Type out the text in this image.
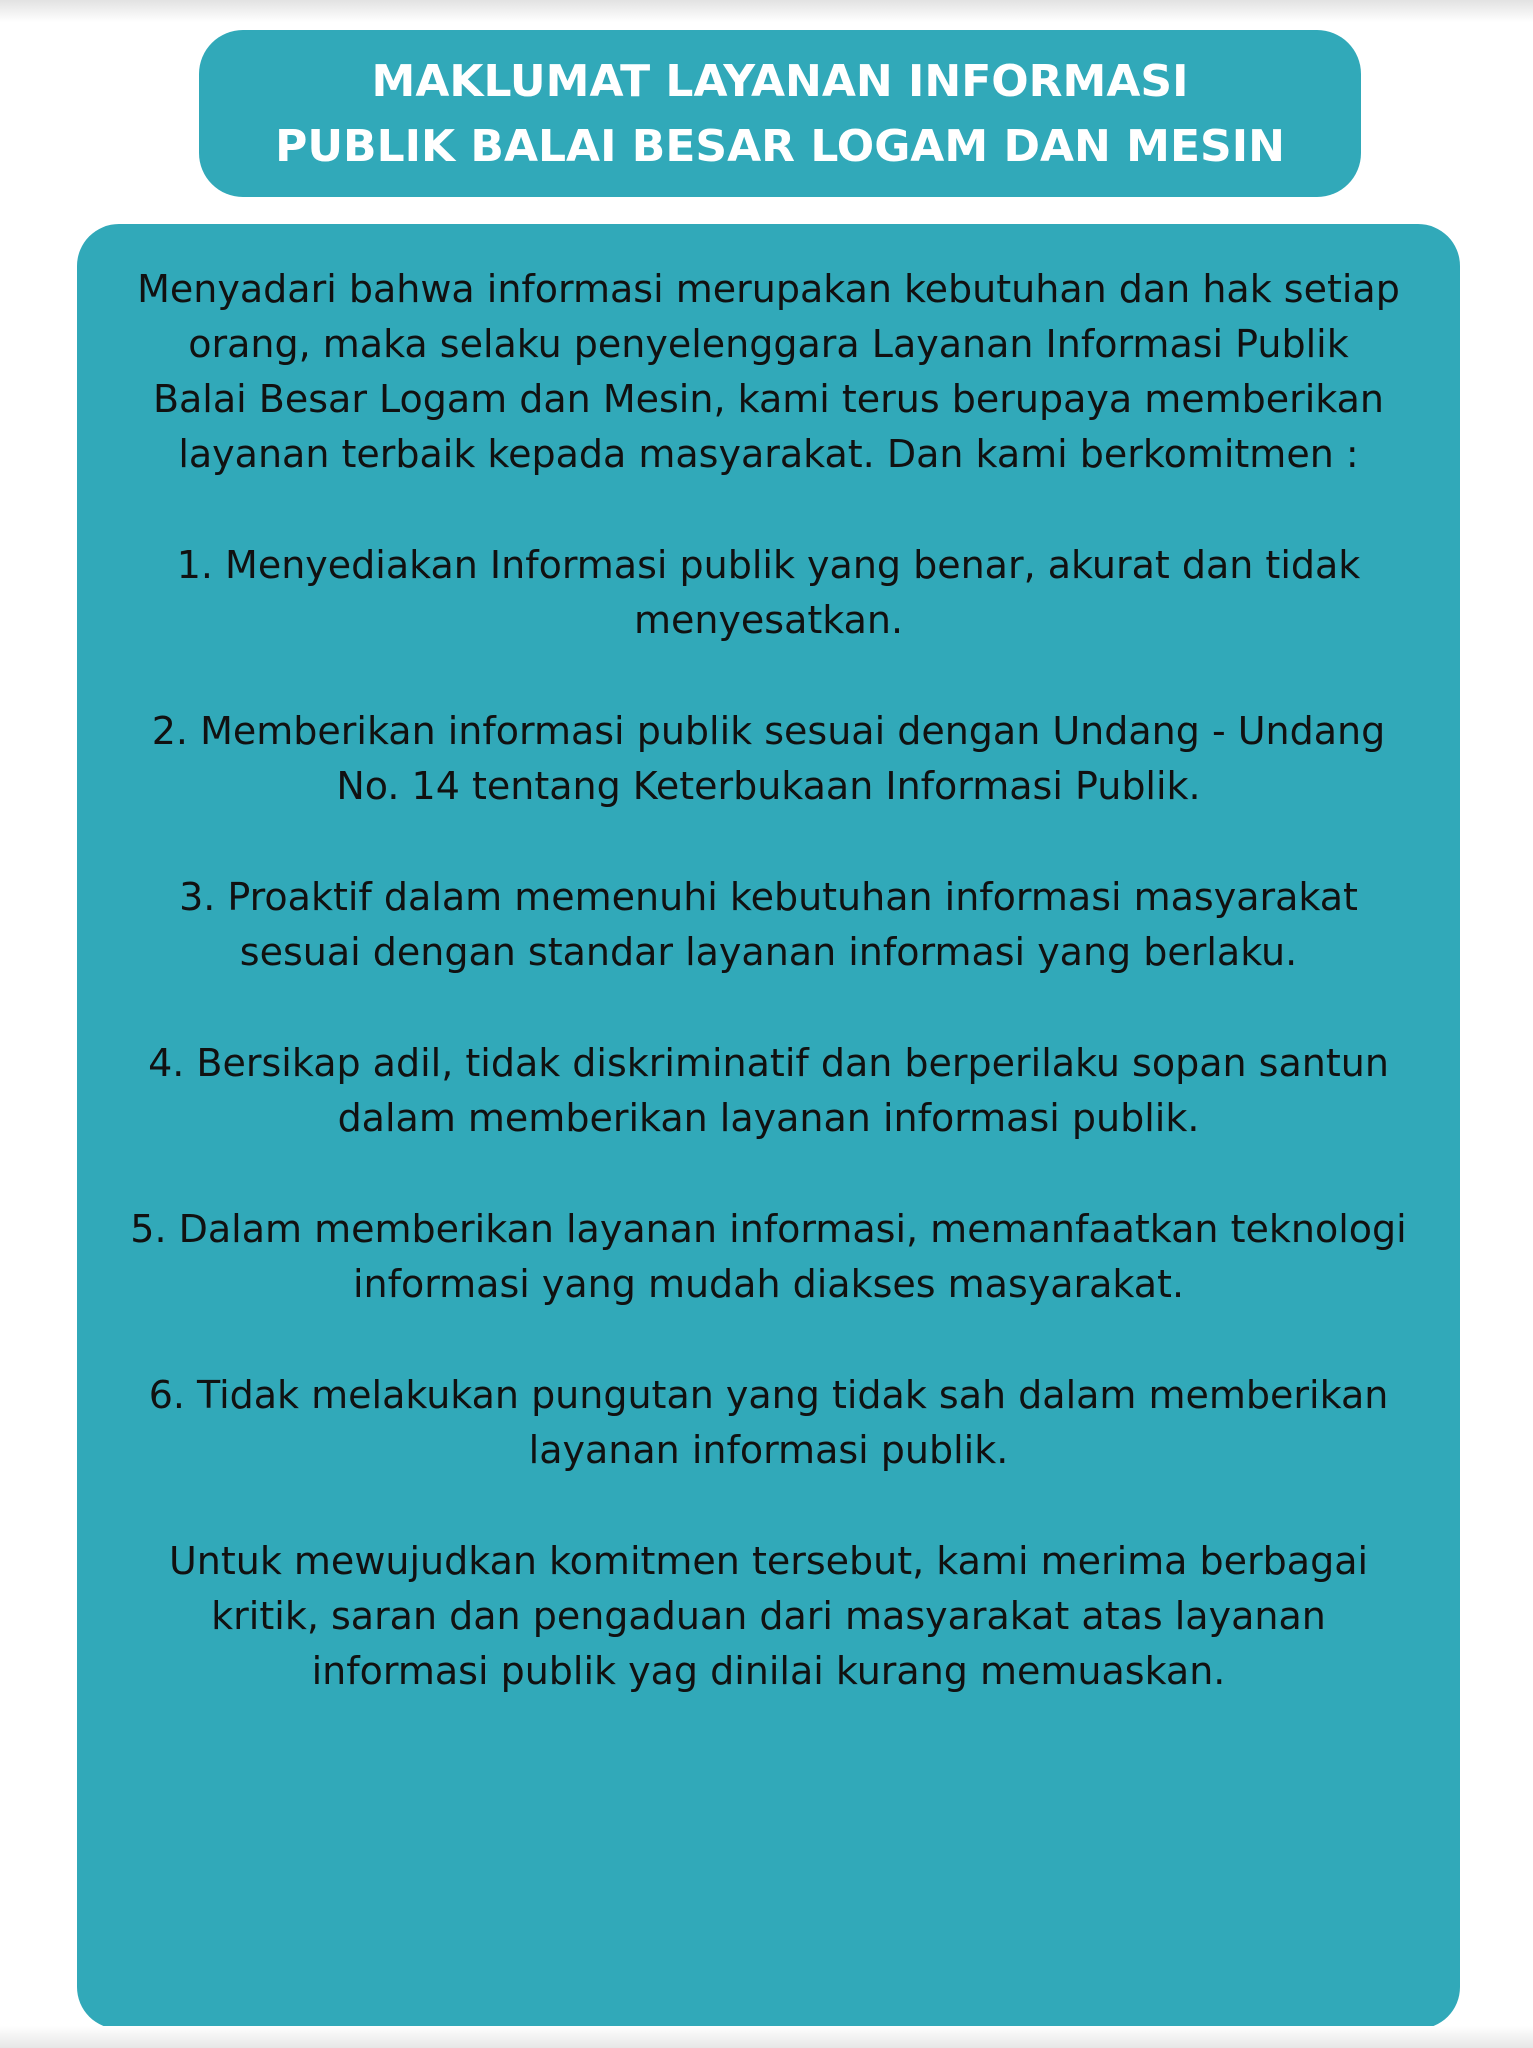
MAKLUMAT LAYANAN INFORMASI
PUBLIK BALAI BESAR LOGAM DAN MESIN

Menyadari bahwa informasi merupakan kebutuhan dan hak setiap
orang, maka selaku penyelenggara Layanan Informasi Publik
Balai Besar Logam dan Mesin, kami terus berupaya memberikan
layanan terbaik kepada masyarakat. Dan kami berkomitmen :

1. Menyediakan Informasi publik yang benar, akurat dan tidak
menyesatkan.

2. Memberikan informasi publik sesuai dengan Undang - Undang
No. 14 tentang Keterbukaan Informasi Publik.

3. Proaktif dalam memenuhi kebutuhan informasi masyarakat
sesuai dengan standar layanan informasi yang berlaku.

4. Bersikap adil, tidak diskriminatif dan berperilaku sopan santun
dalam memberikan layanan informasi publik.

5. Dalam memberikan layanan informasi, memanfaatkan teknologi
informasi yang mudah diakses masyarakat.

6. Tidak melakukan pungutan yang tidak sah dalam memberikan
layanan informasi publik.

Untuk mewujudkan komitmen tersebut, kami merima berbagai
kritik, saran dan pengaduan dari masyarakat atas layanan
informasi publik yag dinilai kurang memuaskan.
